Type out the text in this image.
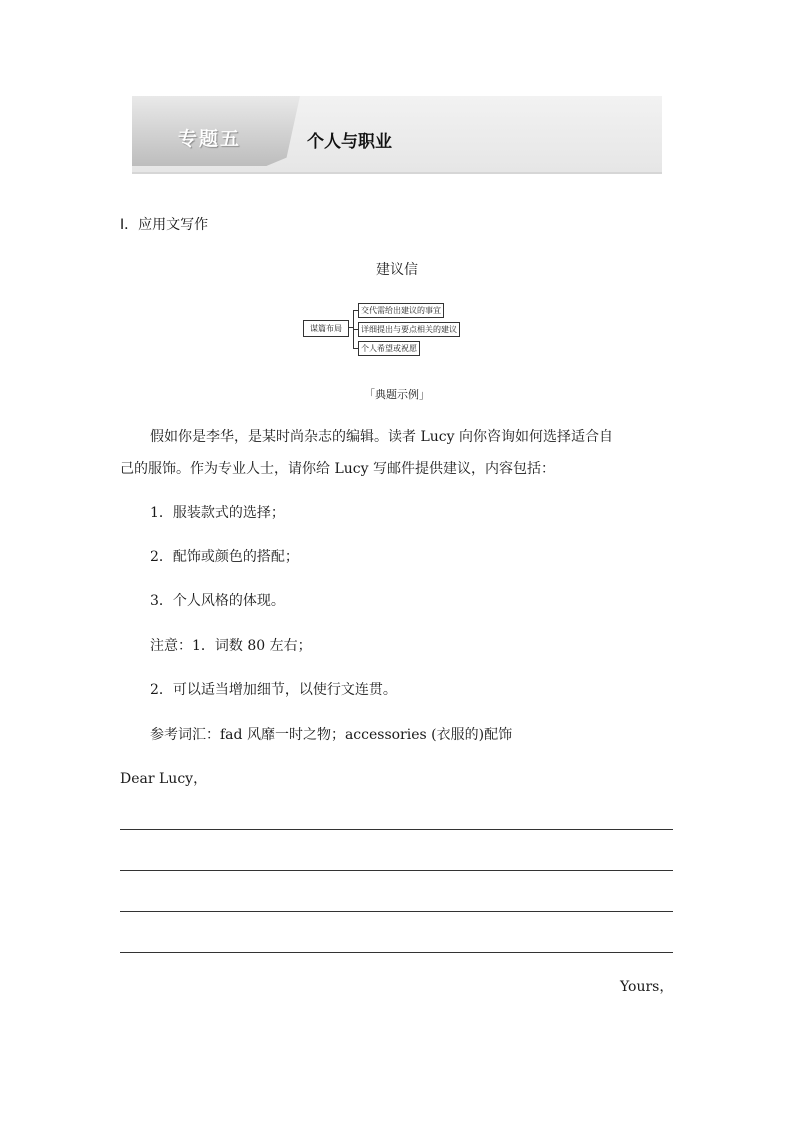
专题五	个人与职业
Ⅰ．应用文写作
建议信
谋篇布局
交代需给出建议的事宜
详细提出与要点相关的建议
个人希望或祝愿
「典题示例」
假如你是李华，是某时尚杂志的编辑。读者 Lucy 向你咨询如何选择适合自
己的服饰。作为专业人士，请你给 Lucy 写邮件提供建议，内容包括：
1．服装款式的选择；
2．配饰或颜色的搭配；
3．个人风格的体现。
注意：1．词数 80 左右；
2．可以适当增加细节，以使行文连贯。
参考词汇：fad 风靡一时之物；accessories (衣服的)配饰
Dear Lucy，
Yours，
